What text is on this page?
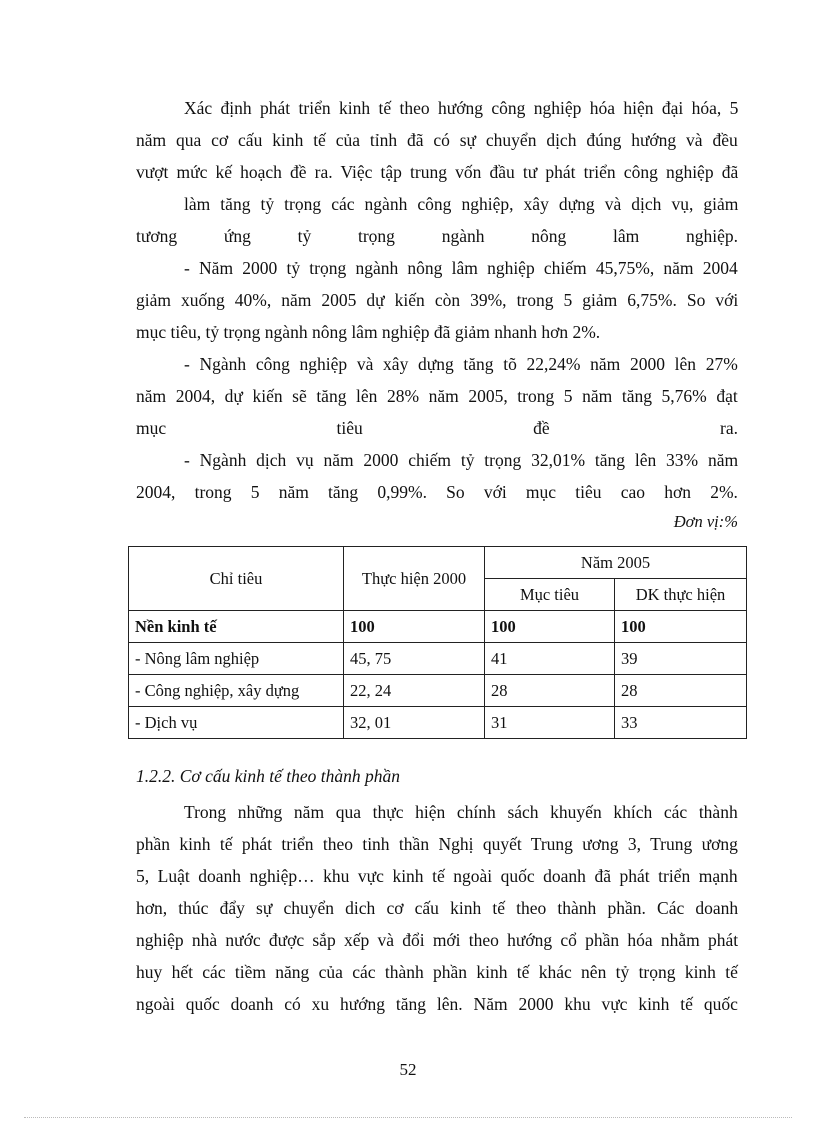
Xác định phát triển kinh tế theo hướng công nghiệp hóa hiện đại hóa, 5
năm qua cơ cấu kinh tế của tỉnh đã có sự chuyển dịch đúng hướng và đều
vượt mức kế hoạch đề ra. Việc tập trung vốn đầu tư phát triển công nghiệp đã
làm tăng tỷ trọng các ngành công nghiệp, xây dựng và dịch vụ, giảm
tương	ứng	tỷ	trọng	ngành	nông	lâm	nghiệp.
- Năm 2000 tỷ trọng ngành nông lâm nghiệp chiếm 45,75%, năm 2004
giảm xuống 40%, năm 2005 dự kiến còn 39%, trong 5 giảm 6,75%. So với
mục tiêu, tỷ trọng ngành nông lâm nghiệp đã giảm nhanh hơn 2%.
- Ngành công nghiệp và xây dựng tăng tõ 22,24% năm 2000 lên 27%
năm 2004, dự kiến sẽ tăng lên 28% năm 2005, trong 5 năm tăng 5,76% đạt
mục	tiêu	đề	ra.
- Ngành dịch vụ năm 2000 chiếm tỷ trọng 32,01% tăng lên 33% năm
2004, trong 5 năm tăng 0,99%. So với mục tiêu cao hơn 2%.
Đơn vị:%
Chỉ tiêu	Thực hiện 2000	Năm 2005	
		Mục tiêu	DK thực hiện
Nền kinh tế	100	100	100
- Nông lâm nghiệp	45, 75	41	39
- Công nghiệp, xây dựng	22, 24	28	28
- Dịch vụ	32, 01	31	33
1.2.2. Cơ cấu kinh tế theo thành phần
Trong những năm qua thực hiện chính sách khuyến khích các thành
phần kinh tế phát triển theo tinh thần Nghị quyết Trung ương 3, Trung ương
5, Luật doanh nghiệp… khu vực kinh tế ngoài quốc doanh đã phát triển mạnh
hơn, thúc đẩy sự chuyển dich cơ cấu kinh tế theo thành phần. Các doanh
nghiệp nhà nước được sắp xếp và đổi mới theo hướng cổ phần hóa nhằm phát
huy hết các tiềm năng của các thành phần kinh tế khác nên tỷ trọng kinh tế
ngoài quốc doanh có xu hướng tăng lên. Năm 2000 khu vực kinh tế quốc
52
